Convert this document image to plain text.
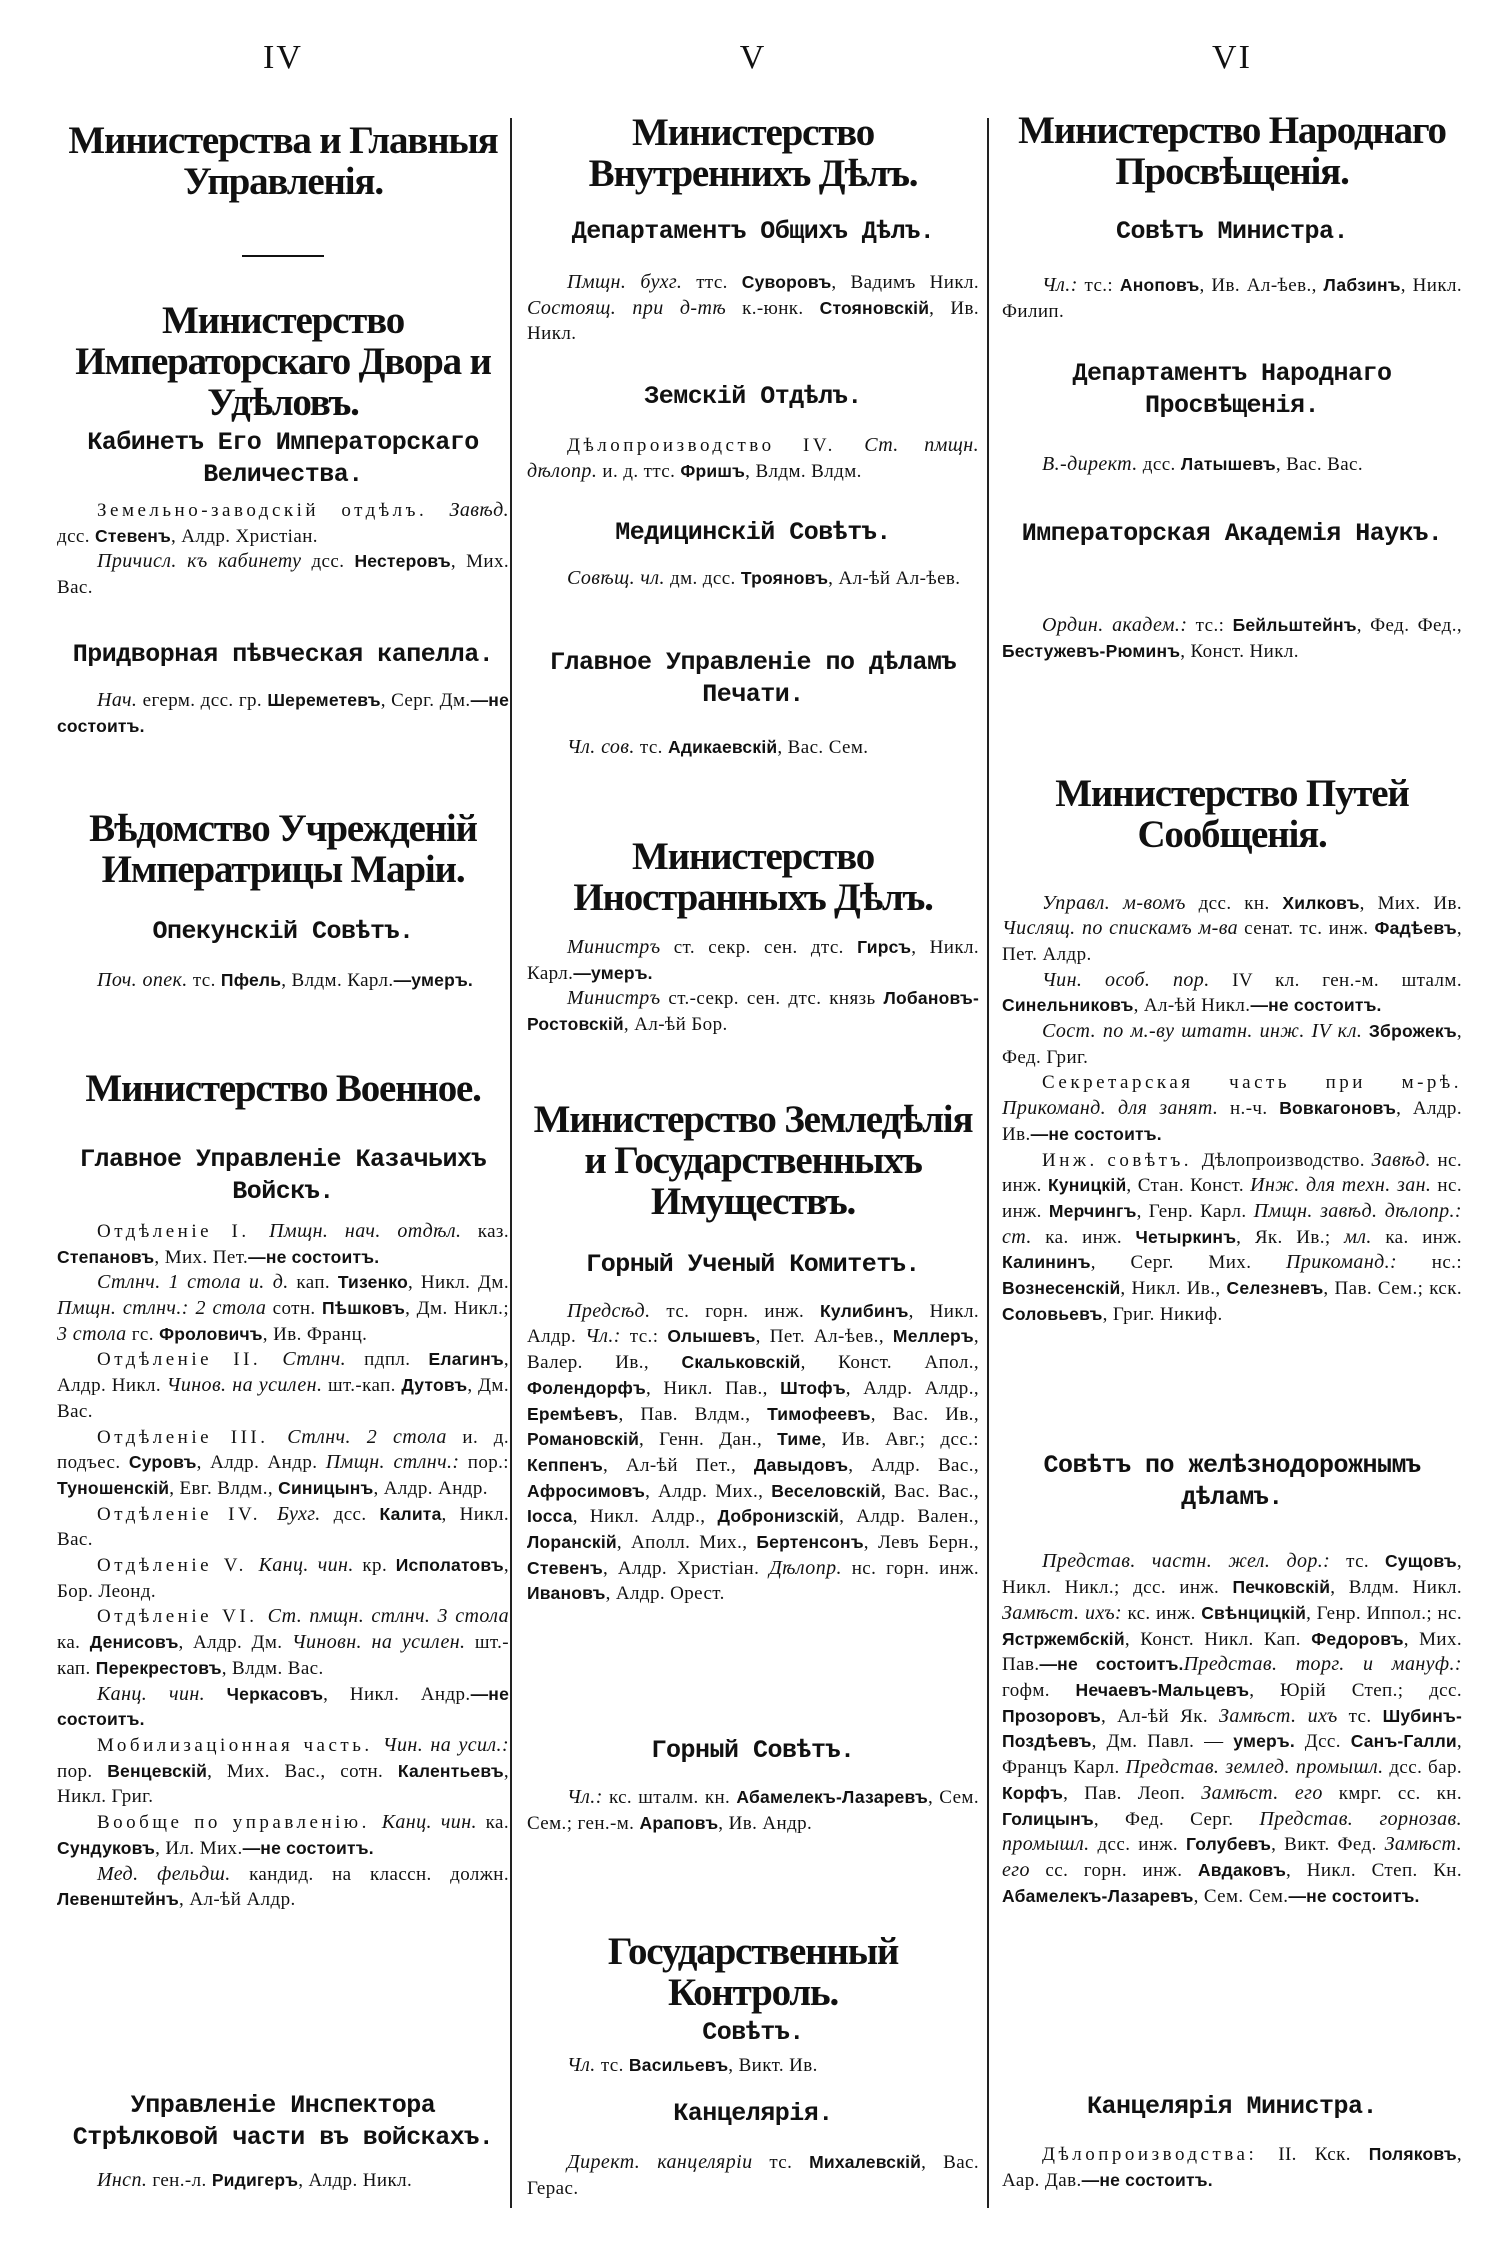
IV
Министерства и Главныя Управленія.
Министерство Императорскаго Двора и Удѣловъ.
Кабинетъ Его Императорскаго Величества.
Земельно-заводскій отдѣлъ. Завѣд. дсс. Стевенъ, Алдр. Христіан.
Причисл. къ кабинету дсс. Нестеровъ, Мих. Вас.
Придворная пѣвческая капелла.
Нач. егерм. дсс. гр. Шереметевъ, Серг. Дм.—не состоитъ.
Вѣдомство Учрежденій Императрицы Маріи.
Опекунскій Совѣтъ.
Поч. опек. тс. Пфель, Влдм. Карл.—умеръ.
Министерство Военное.
Главное Управленіе Казачьихъ Войскъ.
Отдѣленіе I. Пмщн. нач. отдѣл. каз. Степановъ, Мих. Пет.—не состоитъ.
Стлнч. 1 стола и. д. кап. Тизенко, Никл. Дм. Пмщн. стлнч.: 2 стола сотн. Пѣшковъ, Дм. Никл.; 3 стола гс. Фроловичъ, Ив. Франц.
Отдѣленіе II. Стлнч. пдпл. Елагинъ, Алдр. Никл. Чинов. на усилен. шт.-кап. Дутовъ, Дм. Вас.
Отдѣленіе III. Стлнч. 2 стола и. д. подъес. Суровъ, Алдр. Андр. Пмщн. стлнч.: пор.: Туношенскій, Евг. Влдм., Синицынъ, Алдр. Андр.
Отдѣленіе IV. Бухг. дсс. Калита, Никл. Вас.
Отдѣленіе V. Канц. чин. кр. Исполатовъ, Бор. Леонд.
Отдѣленіе VI. Ст. пмщн. стлнч. 3 стола ка. Денисовъ, Алдр. Дм. Чиновн. на усилен. шт.-кап. Перекрестовъ, Влдм. Вас.
Канц. чин. Черкасовъ, Никл. Андр.—не состоитъ.
Мобилизаціонная часть. Чин. на усил.: пор. Венцевскій, Мих. Вас., сотн. Калентьевъ, Никл. Григ.
Вообще по управленію. Канц. чин. ка. Сундуковъ, Ил. Мих.—не состоитъ.
Мед. фельдш. кандид. на классн. должн. Левенштейнъ, Ал-ѣй Алдр.
Управленіе Инспектора Стрѣлковой части въ войскахъ.
Инсп. ген.-л. Ридигеръ, Алдр. Никл.
V
Министерство Внутреннихъ Дѣлъ.
Департаментъ Общихъ Дѣлъ.
Пмщн. бухг. ттс. Суворовъ, Вадимъ Никл. Состоящ. при д-тѣ к.-юнк. Стояновскій, Ив. Никл.
Земскій Отдѣлъ.
Дѣлопроизводство IV. Ст. пмщн. дѣлопр. и. д. ттс. Фришъ, Влдм. Влдм.
Медицинскій Совѣтъ.
Совѣщ. чл. дм. дсс. Трояновъ, Ал-ѣй Ал-ѣев.
Главное Управленіе по дѣламъ Печати.
Чл. сов. тс. Адикаевскій, Вас. Сем.
Министерство Иностранныхъ Дѣлъ.
Министръ ст. секр. сен. дтс. Гирсъ, Никл. Карл.—умеръ.
Министръ ст.-секр. сен. дтс. князь Лобановъ-Ростовскій, Ал-ѣй Бор.
Министерство Земледѣлія и Государственныхъ Имуществъ.
Горный Ученый Комитетъ.
Предсѣд. тс. горн. инж. Кулибинъ, Никл. Алдр. Чл.: тс.: Олышевъ, Пет. Ал-ѣев., Меллеръ, Валер. Ив., Скальковскій, Конст. Апол., Фолендорфъ, Никл. Пав., Штофъ, Алдр. Алдр., Еремѣевъ, Пав. Влдм., Тимофеевъ, Вас. Ив., Романовскій, Генн. Дан., Тиме, Ив. Авг.; дсс.: Кеппенъ, Ал-ѣй Пет., Давыдовъ, Алдр. Вас., Афросимовъ, Алдр. Мих., Веселовскій, Вас. Вас., Іосса, Никл. Алдр., Добронизскій, Алдр. Вален., Лоранскій, Аполл. Мих., Бертенсонъ, Левъ Берн., Стевенъ, Алдр. Христіан. Дѣлопр. нс. горн. инж. Ивановъ, Алдр. Орест.
Горный Совѣтъ.
Чл.: кс. шталм. кн. Абамелекъ-Лазаревъ, Сем. Сем.; ген.-м. Араповъ, Ив. Андр.
Государственный Контроль.
Совѣтъ.
Чл. тс. Васильевъ, Викт. Ив.
Канцелярія.
Директ. канцеляріи тс. Михалевскій, Вас. Герас.
VI
Министерство Народнаго Просвѣщенія.
Совѣтъ Министра.
Чл.: тс.: Аноповъ, Ив. Ал-ѣев., Лабзинъ, Никл. Филип.
Департаментъ Народнаго Просвѣщенія.
В.-директ. дсс. Латышевъ, Вас. Вас.
Императорская Академія Наукъ.
Ордин. академ.: тс.: Бейльштейнъ, Фед. Фед., Бестужевъ-Рюминъ, Конст. Никл.
Министерство Путей Сообщенія.
Управл. м-вомъ дсс. кн. Хилковъ, Мих. Ив. Числящ. по спискамъ м-ва сенат. тс. инж. Фадѣевъ, Пет. Алдр.
Чин. особ. пор. IV кл. ген.-м. шталм. Синельниковъ, Ал-ѣй Никл.—не состоитъ.
Сост. по м.-ву штатн. инж. IV кл. Зброжекъ, Фед. Григ.
Секретарская часть при м-рѣ. Прикоманд. для занят. н.-ч. Вовкагоновъ, Алдр. Ив.—не состоитъ.
Инж. совѣтъ. Дѣлопроизводство. Завѣд. нс. инж. Куницкій, Стан. Конст. Инж. для техн. зан. нс. инж. Мерчингъ, Генр. Карл. Пмщн. завѣд. дѣлопр.: ст. ка. инж. Четыркинъ, Як. Ив.; мл. ка. инж. Калининъ, Серг. Мих. Прикоманд.: нс.: Вознесенскій, Никл. Ив., Селезневъ, Пав. Сем.; кск. Соловьевъ, Григ. Никиф.
Совѣтъ по желѣзнодорожнымъ дѣламъ.
Представ. частн. жел. дор.: тс. Сущовъ, Никл. Никл.; дсс. инж. Печковскій, Влдм. Никл. Замѣст. ихъ: кс. инж. Свѣнцицкій, Генр. Иппол.; нс. Ястржембскій, Конст. Никл. Кап. Федоровъ, Мих. Пав.—не состоитъ.Представ. торг. и мануф.: гофм. Нечаевъ-Мальцевъ, Юрій Степ.; дсс. Прозоровъ, Ал-ѣй Як. Замѣст. ихъ тс. Шубинъ-Поздѣевъ, Дм. Павл. — умеръ. Дсс. Санъ-Галли, Францъ Карл. Представ. землед. промышл. дсс. бар. Корфъ, Пав. Леоп. Замѣст. его кмрг. сс. кн. Голицынъ, Фед. Серг. Представ. горнозав. промышл. дсс. инж. Голубевъ, Викт. Фед. Замѣст. его сс. горн. инж. Авдаковъ, Никл. Степ. Кн. Абамелекъ-Лазаревъ, Сем. Сем.—не состоитъ.
Канцелярія Министра.
Дѣлопроизводства: II. Кск. Поляковъ, Аар. Дав.—не состоитъ.
